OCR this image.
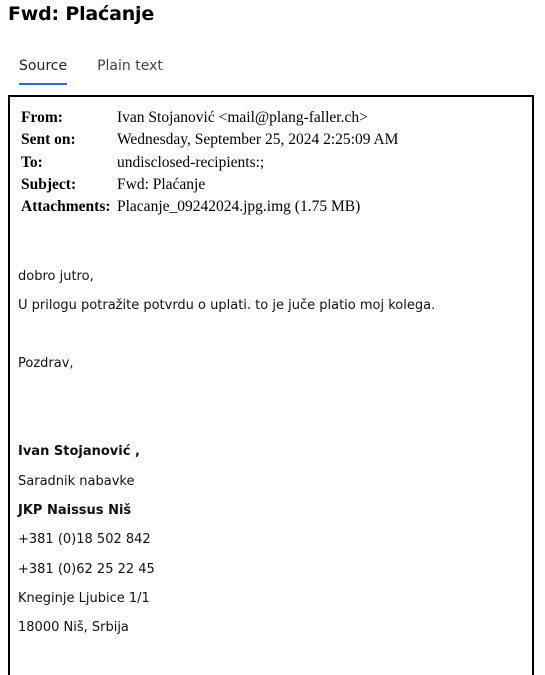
Fwd: Plaćanje
Source Plain text
From:	Ivan Stojanović <mail@plang-faller.ch>
Sent on:	Wednesday, September 25, 2024 2:25:09 AM
To:	undisclosed-recipients:;
Subject:	Fwd: Plaćanje
Attachments: Placanje_09242024.jpg.img (1.75 MB)
dobro jutro,
U prilogu potražite potvrdu o uplati. to je juče platio moj kolega.
Pozdrav,
Ivan Stojanović ,
Saradnik nabavke
JKP Naissus Niš
+381 (0)18 502 842
+381 (0)62 25 22 45
Kneginje Ljubice 1/1
18000 Niš, Srbija
